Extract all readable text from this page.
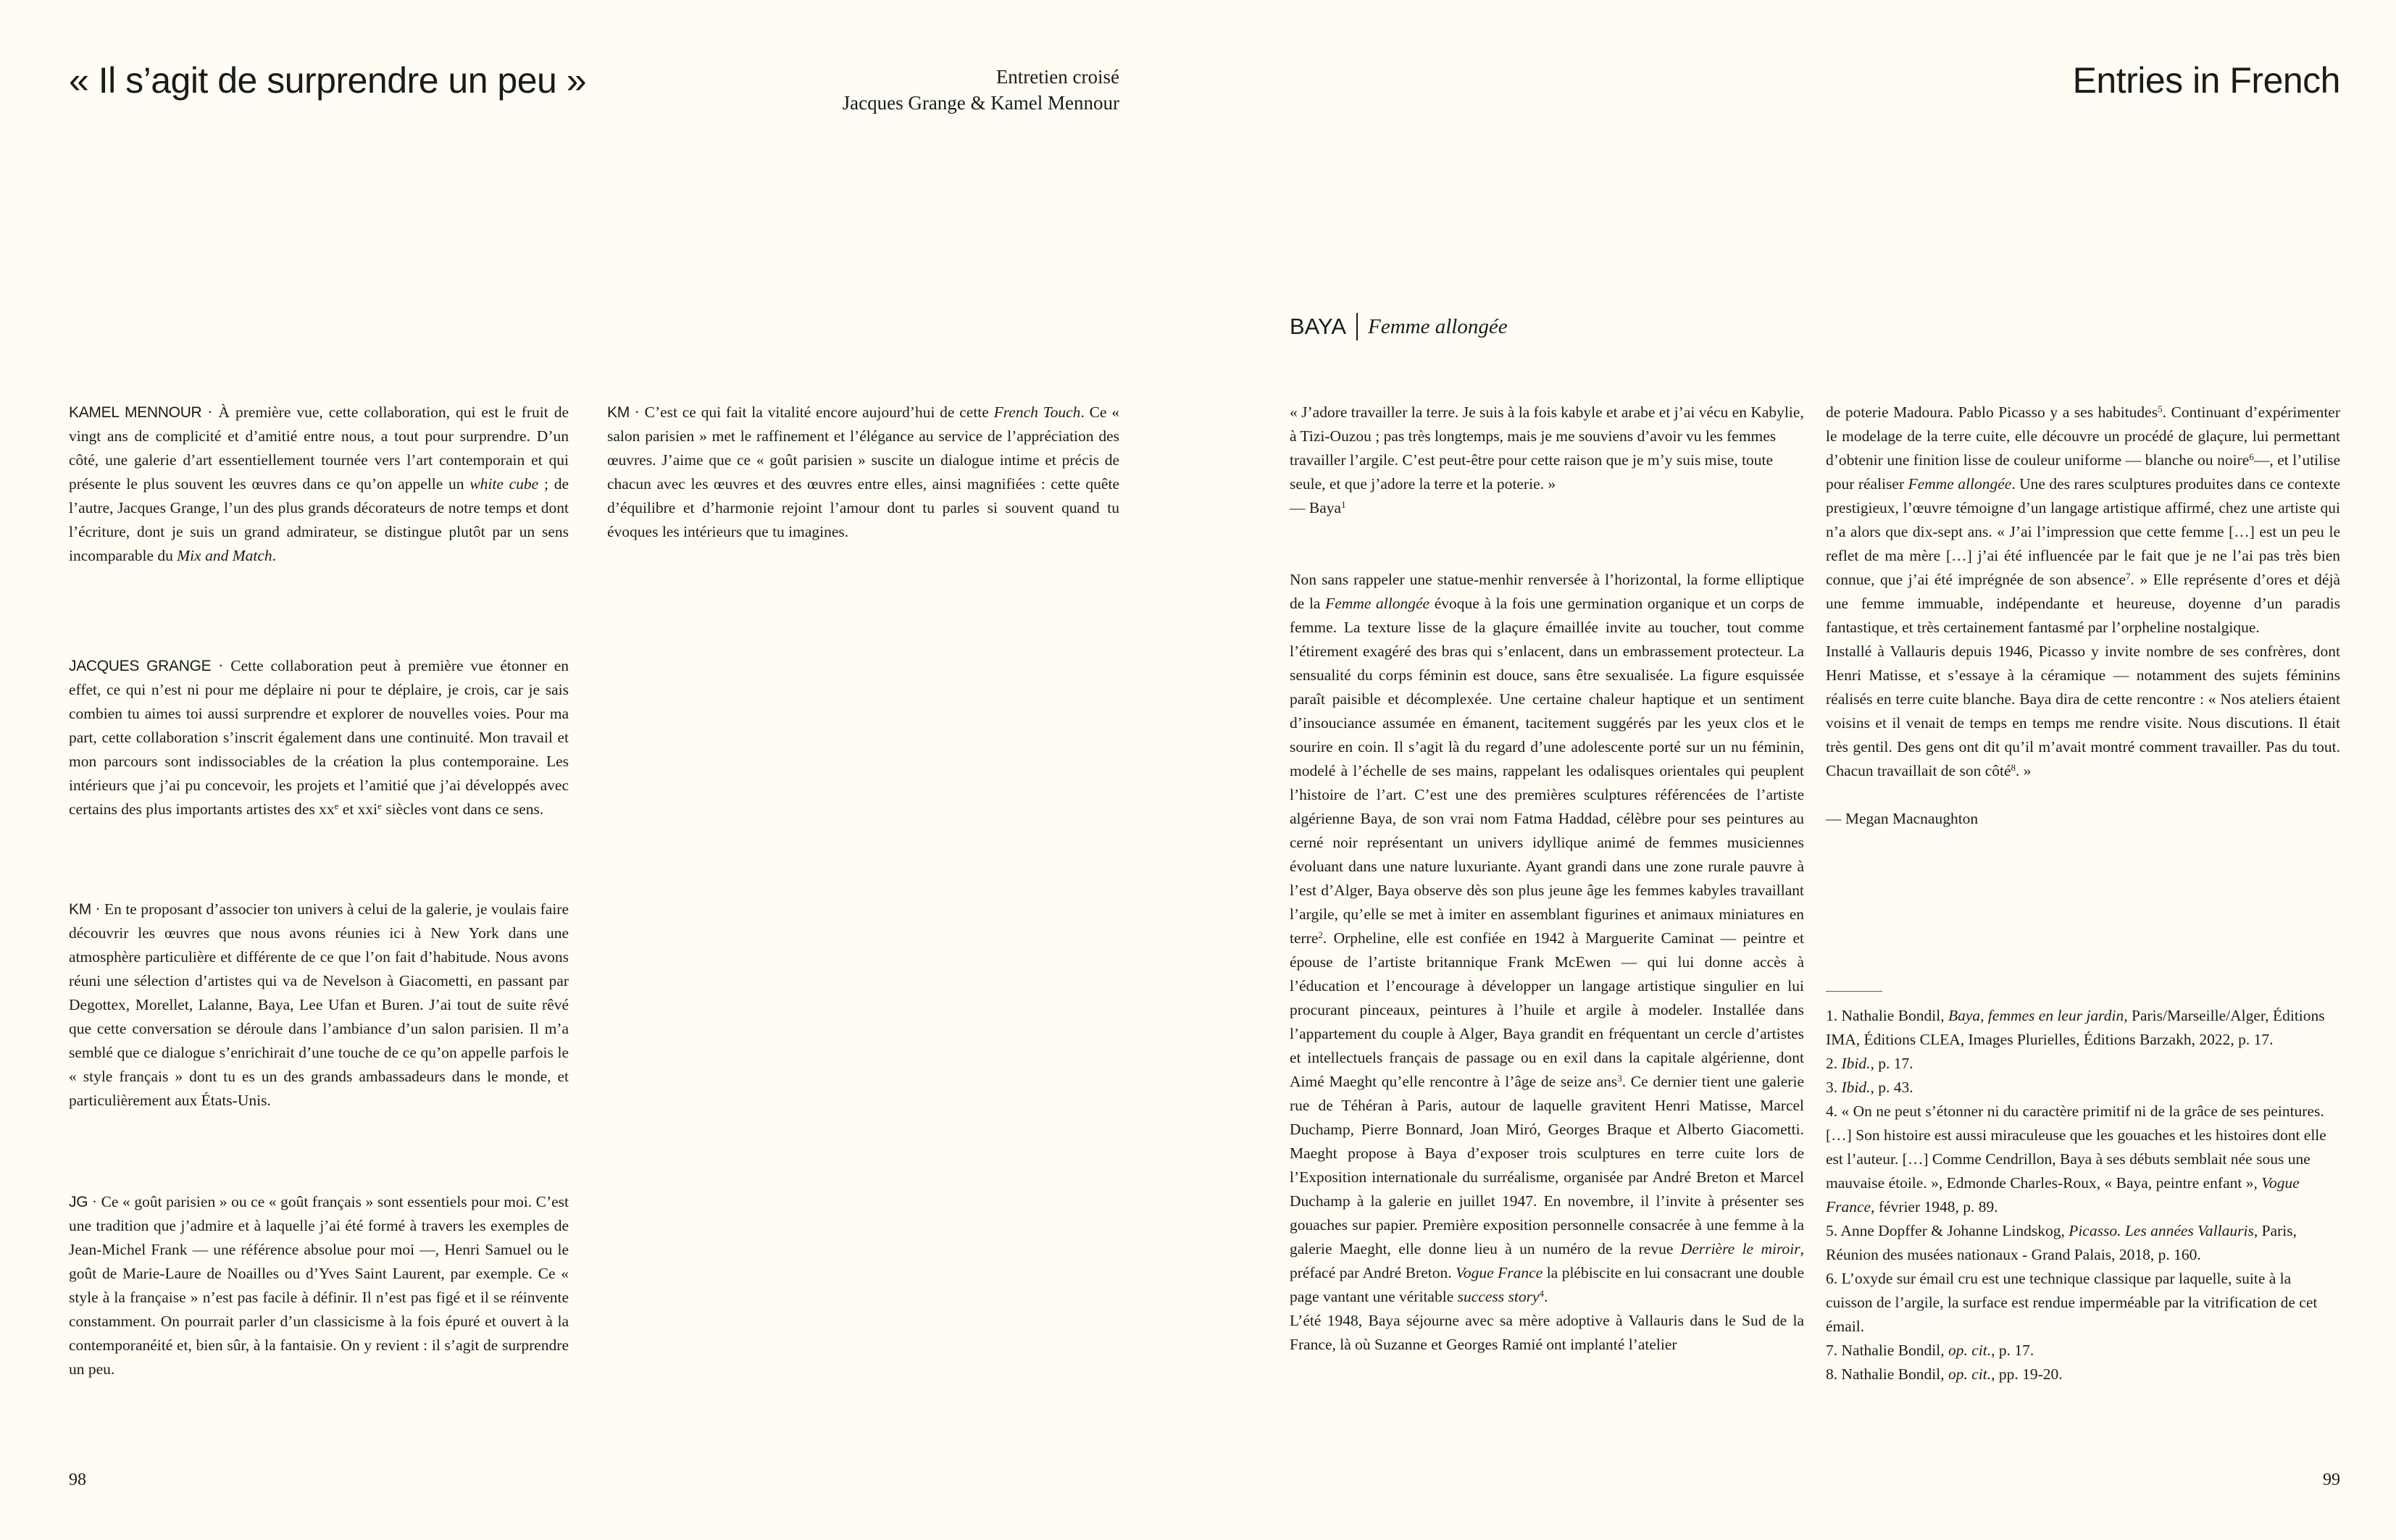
« Il s’agit de surprendre un peu »	Entretien croisé
Jacques Grange & Kamel Mennour

KAMEL MENNOUR · À première vue, cette collaboration, qui est le fruit de vingt ans de complicité et d’amitié entre nous, a tout pour surprendre. D’un côté, une galerie d’art essentiellement tournée vers l’art contemporain et qui présente le plus souvent les œuvres dans ce qu’on appelle un white cube ; de l’autre, Jacques Grange, l’un des plus grands décorateurs de notre temps et dont l’écriture, dont je suis un grand admirateur, se distingue plutôt par un sens incomparable du Mix and Match.

JACQUES GRANGE · Cette collaboration peut à première vue étonner en effet, ce qui n’est ni pour me déplaire ni pour te déplaire, je crois, car je sais combien tu aimes toi aussi surprendre et explorer de nouvelles voies. Pour ma part, cette collaboration s’inscrit également dans une continuité. Mon travail et mon parcours sont indissociables de la création la plus contemporaine. Les intérieurs que j’ai pu concevoir, les projets et l’amitié que j’ai développés avec certains des plus importants artistes des $xx^e$ et xxi$^e$ siècles vont dans ce sens.

KM · En te proposant d’associer ton univers à celui de la galerie, je voulais faire découvrir les œuvres que nous avons réunies ici à New York dans une atmosphère particulière et différente de ce que l’on fait d’habitude. Nous avons réuni une sélection d’artistes qui va de Nevelson à Giacometti, en passant par Degottex, Morellet, Lalanne, Baya, Lee Ufan et Buren. J’ai tout de suite rêvé que cette conversation se déroule dans l’ambiance d’un salon parisien. Il m’a semblé que ce dialogue s’enrichirait d’une touche de ce qu’on appelle parfois le « style français » dont tu es un des grands ambassadeurs dans le monde, et particulièrement aux États-Unis.

JG · Ce « goût parisien » ou ce « goût français » sont essentiels pour moi. C’est une tradition que j’admire et à laquelle j’ai été formé à travers les exemples de Jean-Michel Frank — une référence absolue pour moi —, Henri Samuel ou le goût de Marie-Laure de Noailles ou d’Yves Saint Laurent, par exemple. Ce « style à la française » n’est pas facile à définir. Il n’est pas figé et il se réinvente constamment. On pourrait parler d’un classicisme à la fois épuré et ouvert à la contemporanéité et, bien sûr, à la fantaisie. On y revient : il s’agit de surprendre un peu.

KM · C’est ce qui fait la vitalité encore aujourd’hui de cette French Touch. Ce « salon parisien » met le raffinement et l’élégance au service de l’appréciation des œuvres. J’aime que ce « goût parisien » suscite un dialogue intime et précis de chacun avec les œuvres et des œuvres entre elles, ainsi magnifiées : cette quête d’équilibre et d’harmonie rejoint l’amour dont tu parles si souvent quand tu évoques les intérieurs que tu imagines.

98
Entries in French
BAYA Femme allongée

« J’adore travailler la terre. Je suis à la fois kabyle et arabe et j’ai vécu en Kabylie, à Tizi-Ouzou ; pas très longtemps, mais je me souviens d’avoir vu les femmes travailler l’argile. C’est peut-être pour cette raison que je m’y suis mise, toute seule, et que j’adore la terre et la poterie. »

— Baya$^1$

Non sans rappeler une statue-menhir renversée à l’horizontal, la forme elliptique de la Femme allongée évoque à la fois une germination organique et un corps de femme. La texture lisse de la glaçure émaillée invite au toucher, tout comme l’étirement exagéré des bras qui s’enlacent, dans un embrassement protecteur. La sensualité du corps féminin est douce, sans être sexualisée. La figure esquissée paraît paisible et décomplexée. Une certaine chaleur haptique et un sentiment d’insouciance assumée en émanent, tacitement suggérés par les yeux clos et le sourire en coin. Il s’agit là du regard d’une adolescente porté sur un nu féminin, modelé à l’échelle de ses mains, rappelant les odalisques orientales qui peuplent l’histoire de l’art. C’est une des premières sculptures référencées de l’artiste algérienne Baya, de son vrai nom Fatma Haddad, célèbre pour ses peintures au cerné noir représentant un univers idyllique animé de femmes musiciennes évoluant dans une nature luxuriante. Ayant grandi dans une zone rurale pauvre à l’est d’Alger, Baya observe dès son plus jeune âge les femmes kabyles travaillant l’argile, qu’elle se met à imiter en assemblant figurines et animaux miniatures en terre$^2$. Orpheline, elle est confiée en 1942 à Marguerite Caminat — peintre et épouse de l’artiste britannique Frank McEwen — qui lui donne accès à l’éducation et l’encourage à développer un langage artistique singulier en lui procurant pinceaux, peintures à l’huile et argile à modeler. Installée dans l’appartement du couple à Alger, Baya grandit en fréquentant un cercle d’artistes et intellectuels français de passage ou en exil dans la capitale algérienne, dont Aimé Maeght qu’elle rencontre à l’âge de seize ans$^3$. Ce dernier tient une galerie rue de Téhéran à Paris, autour de laquelle gravitent Henri Matisse, Marcel Duchamp, Pierre Bonnard, Joan Miró, Georges Braque et Alberto Giacometti. Maeght propose à Baya d’exposer trois sculptures en terre cuite lors de l’Exposition internationale du surréalisme, organisée par André Breton et Marcel Duchamp à la galerie en juillet 1947. En novembre, il l’invite à présenter ses gouaches sur papier. Première exposition personnelle consacrée à une femme à la galerie Maeght, elle donne lieu à un numéro de la revue Derrière le miroir, préfacé par André Breton. Vogue France la plébiscite en lui consacrant une double page vantant une véritable success story$^4$.

L’été 1948, Baya séjourne avec sa mère adoptive à Vallauris dans le Sud de la France, là où Suzanne et Georges Ramié ont implanté l’atelier

de poterie Madoura. Pablo Picasso y a ses habitudes$^5$. Continuant d’expérimenter le modelage de la terre cuite, elle découvre un procédé de glaçure, lui permettant d’obtenir une finition lisse de couleur uniforme — blanche ou noire$^6$—, et l’utilise pour réaliser Femme allongée. Une des rares sculptures produites dans ce contexte prestigieux, l’œuvre témoigne d’un langage artistique affirmé, chez une artiste qui n’a alors que dix-sept ans. « J’ai l’impression que cette femme […] est un peu le reflet de ma mère […] j’ai été influencée par le fait que je ne l’ai pas très bien connue, que j’ai été imprégnée de son absence$^7$. » Elle représente d’ores et déjà une femme immuable, indépendante et heureuse, doyenne d’un paradis fantastique, et très certainement fantasmé par l’orpheline nostalgique.

Installé à Vallauris depuis 1946, Picasso y invite nombre de ses confrères, dont Henri Matisse, et s’essaye à la céramique — notamment des sujets féminins réalisés en terre cuite blanche. Baya dira de cette rencontre : « Nos ateliers étaient voisins et il venait de temps en temps me rendre visite. Nous discutions. Il était très gentil. Des gens ont dit qu’il m’avait montré comment travailler. Pas du tout. Chacun travaillait de son côté$^8$. »

— Megan Macnaughton

1. Nathalie Bondil, Baya, femmes en leur jardin, Paris/Marseille/Alger, Éditions IMA, Éditions CLEA, Images Plurielles, Éditions Barzakh, 2022, p. 17.
2. Ibid., p. 17.
3. Ibid., p. 43.
4. « On ne peut s’étonner ni du caractère primitif ni de la grâce de ses peintures. […] Son histoire est aussi miraculeuse que les gouaches et les histoires dont elle est l’auteur. […] Comme Cendrillon, Baya à ses débuts semblait née sous une mauvaise étoile. », Edmonde Charles-Roux, « Baya, peintre enfant », Vogue France, février 1948, p. 89.
5. Anne Dopffer & Johanne Lindskog, Picasso. Les années Vallauris, Paris, Réunion des musées nationaux - Grand Palais, 2018, p. 160.
6. L’oxyde sur émail cru est une technique classique par laquelle, suite à la cuisson de l’argile, la surface est rendue imperméable par la vitrification de cet émail.
7. Nathalie Bondil, op. cit., p. 17.
8. Nathalie Bondil, op. cit., pp. 19-20.
99
